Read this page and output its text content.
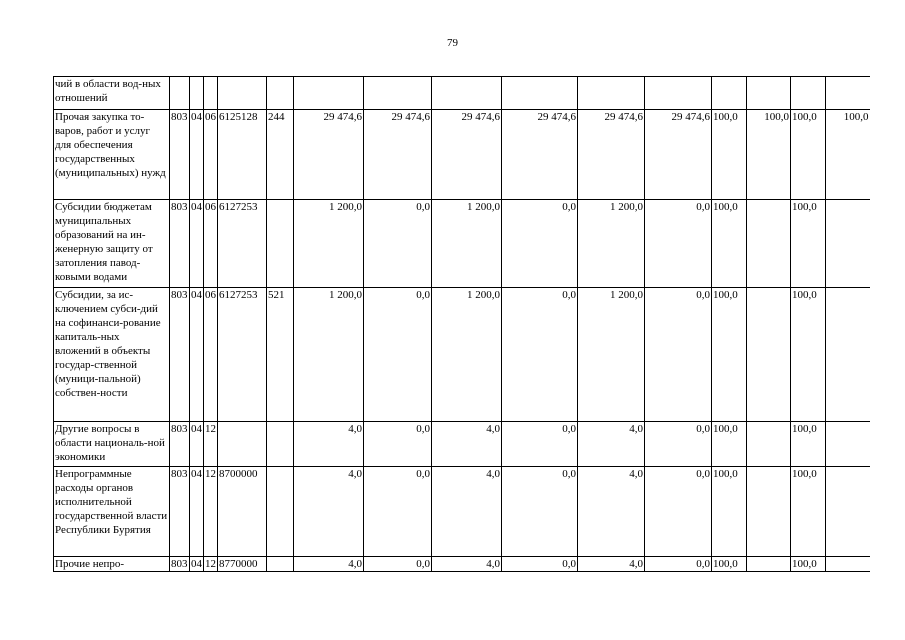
79
чий в области вод-ных отношений															
Прочая закупка то-варов, работ и услуг для обеспечения государственных (муниципальных) нужд	803	04	06	6125128	244	29 474,6	29 474,6	29 474,6	29 474,6	29 474,6	29 474,6	100,0	100,0	100,0	100,0
Субсидии бюджетам муниципальных образований на ин-женерную защиту от затопления павод-ковыми водами	803	04	06	6127253		1 200,0	0,0	1 200,0	0,0	1 200,0	0,0	100,0		100,0	
Субсидии, за ис-ключением субси-дий на софинанси-рование капиталь-ных вложений в объекты государ-ственной (муници-пальной) собствен-ности	803	04	06	6127253	521	1 200,0	0,0	1 200,0	0,0	1 200,0	0,0	100,0		100,0	
Другие вопросы в области националь-ной экономики	803	04	12			4,0	0,0	4,0	0,0	4,0	0,0	100,0		100,0	
Непрограммные расходы органов исполнительной государственной власти Республики Бурятия	803	04	12	8700000		4,0	0,0	4,0	0,0	4,0	0,0	100,0		100,0	
Прочие непро-	803	04	12	8770000		4,0	0,0	4,0	0,0	4,0	0,0	100,0		100,0	
